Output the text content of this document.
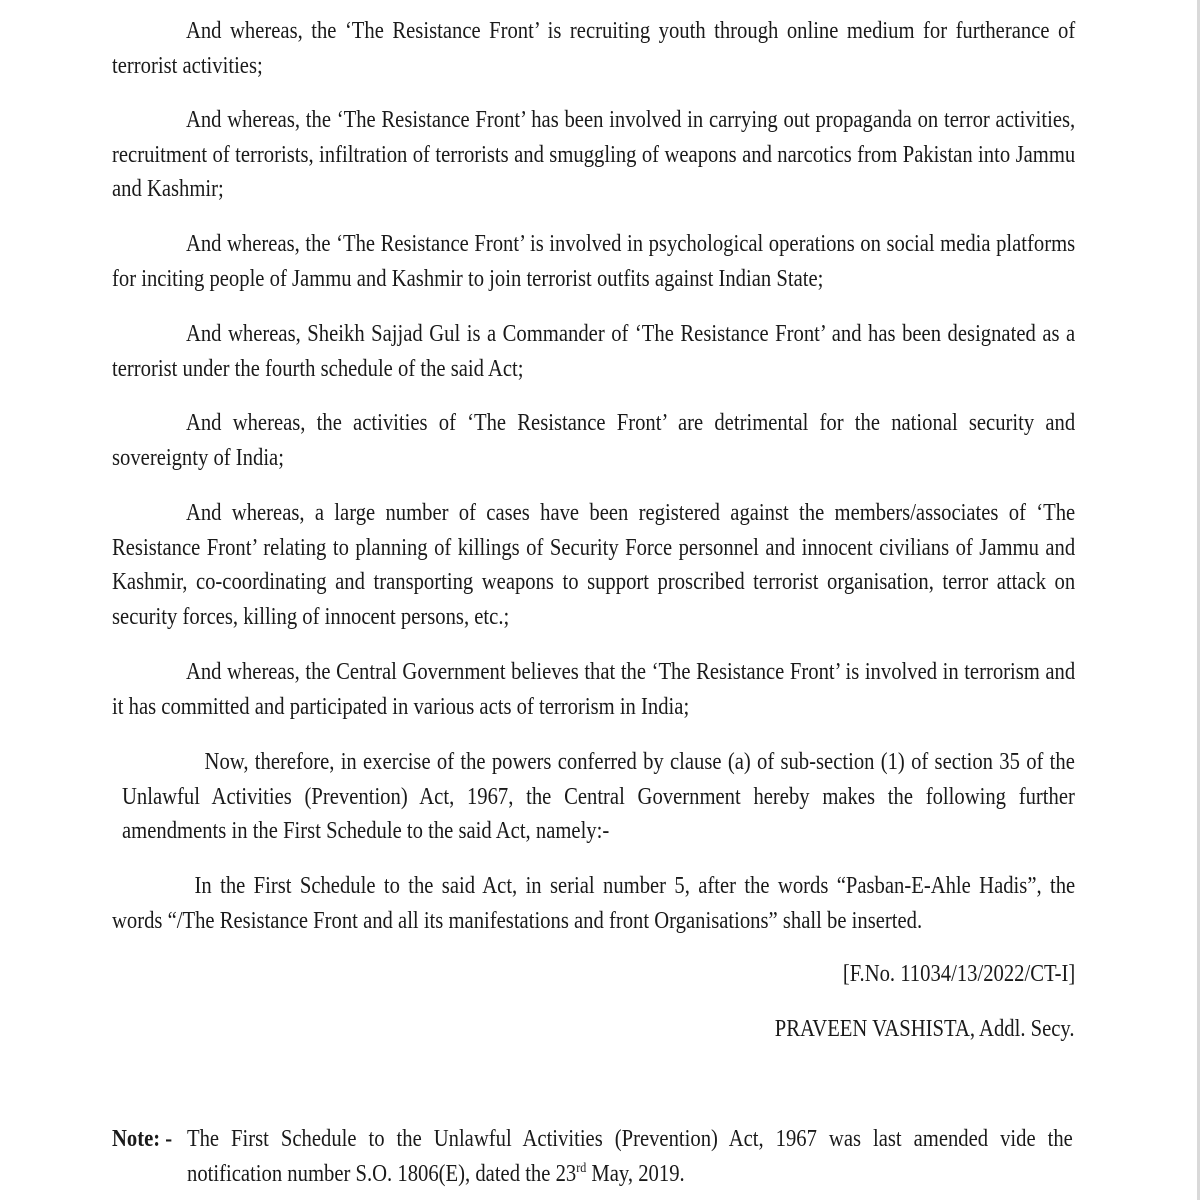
And whereas, the ‘The Resistance Front’ is recruiting youth through online medium for furtherance of terrorist activities;

And whereas, the ‘The Resistance Front’ has been involved in carrying out propaganda on terror activities, recruitment of terrorists, infiltration of terrorists and smuggling of weapons and narcotics from Pakistan into Jammu and Kashmir;

And whereas, the ‘The Resistance Front’ is involved in psychological operations on social media platforms for inciting people of Jammu and Kashmir to join terrorist outfits against Indian State;

And whereas, Sheikh Sajjad Gul is a Commander of ‘The Resistance Front’ and has been designated as a terrorist under the fourth schedule of the said Act;

And whereas, the activities of ‘The Resistance Front’ are detrimental for the national security and sovereignty of India;

And whereas, a large number of cases have been registered against the members/associates of ‘The Resistance Front’ relating to planning of killings of Security Force personnel and innocent civilians of Jammu and Kashmir, co-coordinating and transporting weapons to support proscribed terrorist organisation, terror attack on security forces, killing of innocent persons, etc.;

And whereas, the Central Government believes that the ‘The Resistance Front’ is involved in terrorism and it has committed and participated in various acts of terrorism in India;

Now, therefore, in exercise of the powers conferred by clause (a) of sub-section (1) of section 35 of the Unlawful Activities (Prevention) Act, 1967, the Central Government hereby makes the following further amendments in the First Schedule to the said Act, namely:-

In the First Schedule to the said Act, in serial number 5, after the words “Pasban-E-Ahle Hadis”, the words “/The Resistance Front and all its manifestations and front Organisations” shall be inserted.

[F.No. 11034/13/2022/CT-I]

PRAVEEN VASHISTA, Addl. Secy.

Note: - The First Schedule to the Unlawful Activities (Prevention) Act, 1967 was last amended vide the notification number S.O. 1806(E), dated the 23rd May, 2019.
